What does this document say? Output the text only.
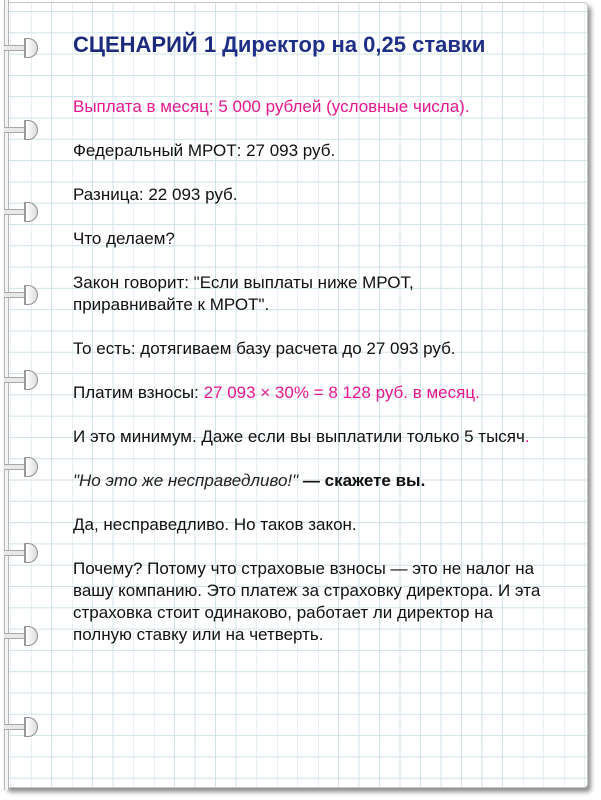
СЦЕНАРИЙ 1 Директор на 0,25 ставки

Выплата в месяц: 5 000 рублей (условные числа).

Федеральный МРОТ: 27 093 руб.

Разница: 22 093 руб.

Что делаем?

Закон говорит: "Если выплаты ниже МРОТ, приравнивайте к МРОТ".

То есть: дотягиваем базу расчета до 27 093 руб.

Платим взносы: 27 093 × 30% = 8 128 руб. в месяц.

И это минимум. Даже если вы выплатили только 5 тысяч.

"Но это же несправедливо!" — скажете вы.

Да, несправедливо. Но таков закон.

Почему? Потому что страховые взносы — это не налог на вашу компанию. Это платеж за страховку директора. И эта страховка стоит одинаково, работает ли директор на полную ставку или на четверть.
